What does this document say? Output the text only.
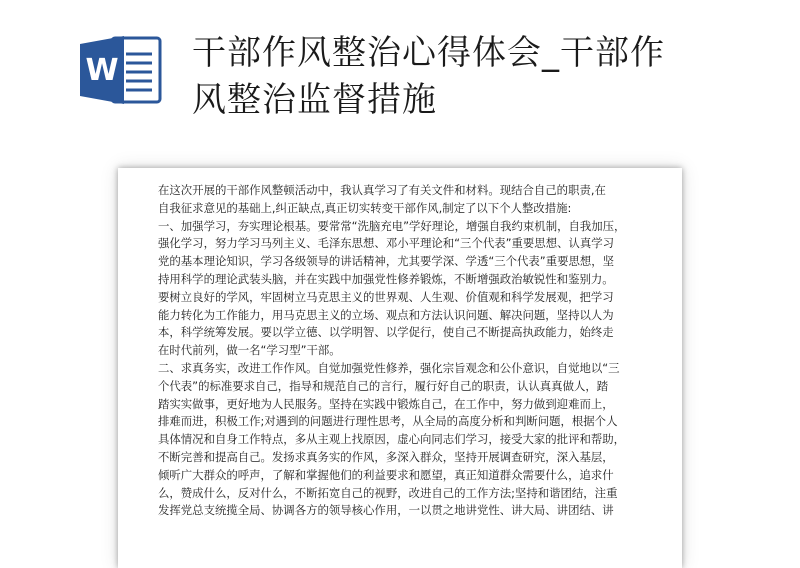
W 干部作风整治心得体会_干部作
风整治监督措施

在这次开展的干部作风整顿活动中，我认真学习了有关文件和材料。现结合自己的职责,在

自我征求意见的基础上,纠正缺点,真正切实转变干部作风,制定了以下个人整改措施:

一、加强学习，夯实理论根基。要常常“洗脑充电”学好理论，增强自我约束机制，自我加压，

强化学习，努力学习马列主义、毛泽东思想、邓小平理论和“三个代表”重要思想、认真学习

党的基本理论知识，学习各级领导的讲话精神，尤其要学深、学透“三个代表”重要思想，坚

持用科学的理论武装头脑，并在实践中加强党性修养锻炼，不断增强政治敏锐性和鉴别力。

要树立良好的学风，牢固树立马克思主义的世界观、人生观、价值观和科学发展观，把学习

能力转化为工作能力，用马克思主义的立场、观点和方法认识问题、解决问题，坚持以人为

本，科学统筹发展。要以学立德、以学明智、以学促行，使自己不断提高执政能力，始终走

在时代前列，做一名“学习型”干部。

二、求真务实，改进工作作风。自觉加强党性修养，强化宗旨观念和公仆意识，自觉地以“三

个代表”的标准要求自己，指导和规范自己的言行，履行好自己的职责，认认真真做人，踏

踏实实做事，更好地为人民服务。坚持在实践中锻炼自己，在工作中，努力做到迎难而上，

排难而进，积极工作;对遇到的问题进行理性思考，从全局的高度分析和判断问题，根据个人

具体情况和自身工作特点，多从主观上找原因，虚心向同志们学习，接受大家的批评和帮助，

不断完善和提高自己。发扬求真务实的作风，多深入群众，坚持开展调查研究，深入基层，

倾听广大群众的呼声，了解和掌握他们的利益要求和愿望，真正知道群众需要什么，追求什

么，赞成什么，反对什么，不断拓宽自己的视野，改进自己的工作方法;坚持和谐团结，注重

发挥党总支统揽全局、协调各方的领导核心作用，一以贯之地讲党性、讲大局、讲团结、讲
